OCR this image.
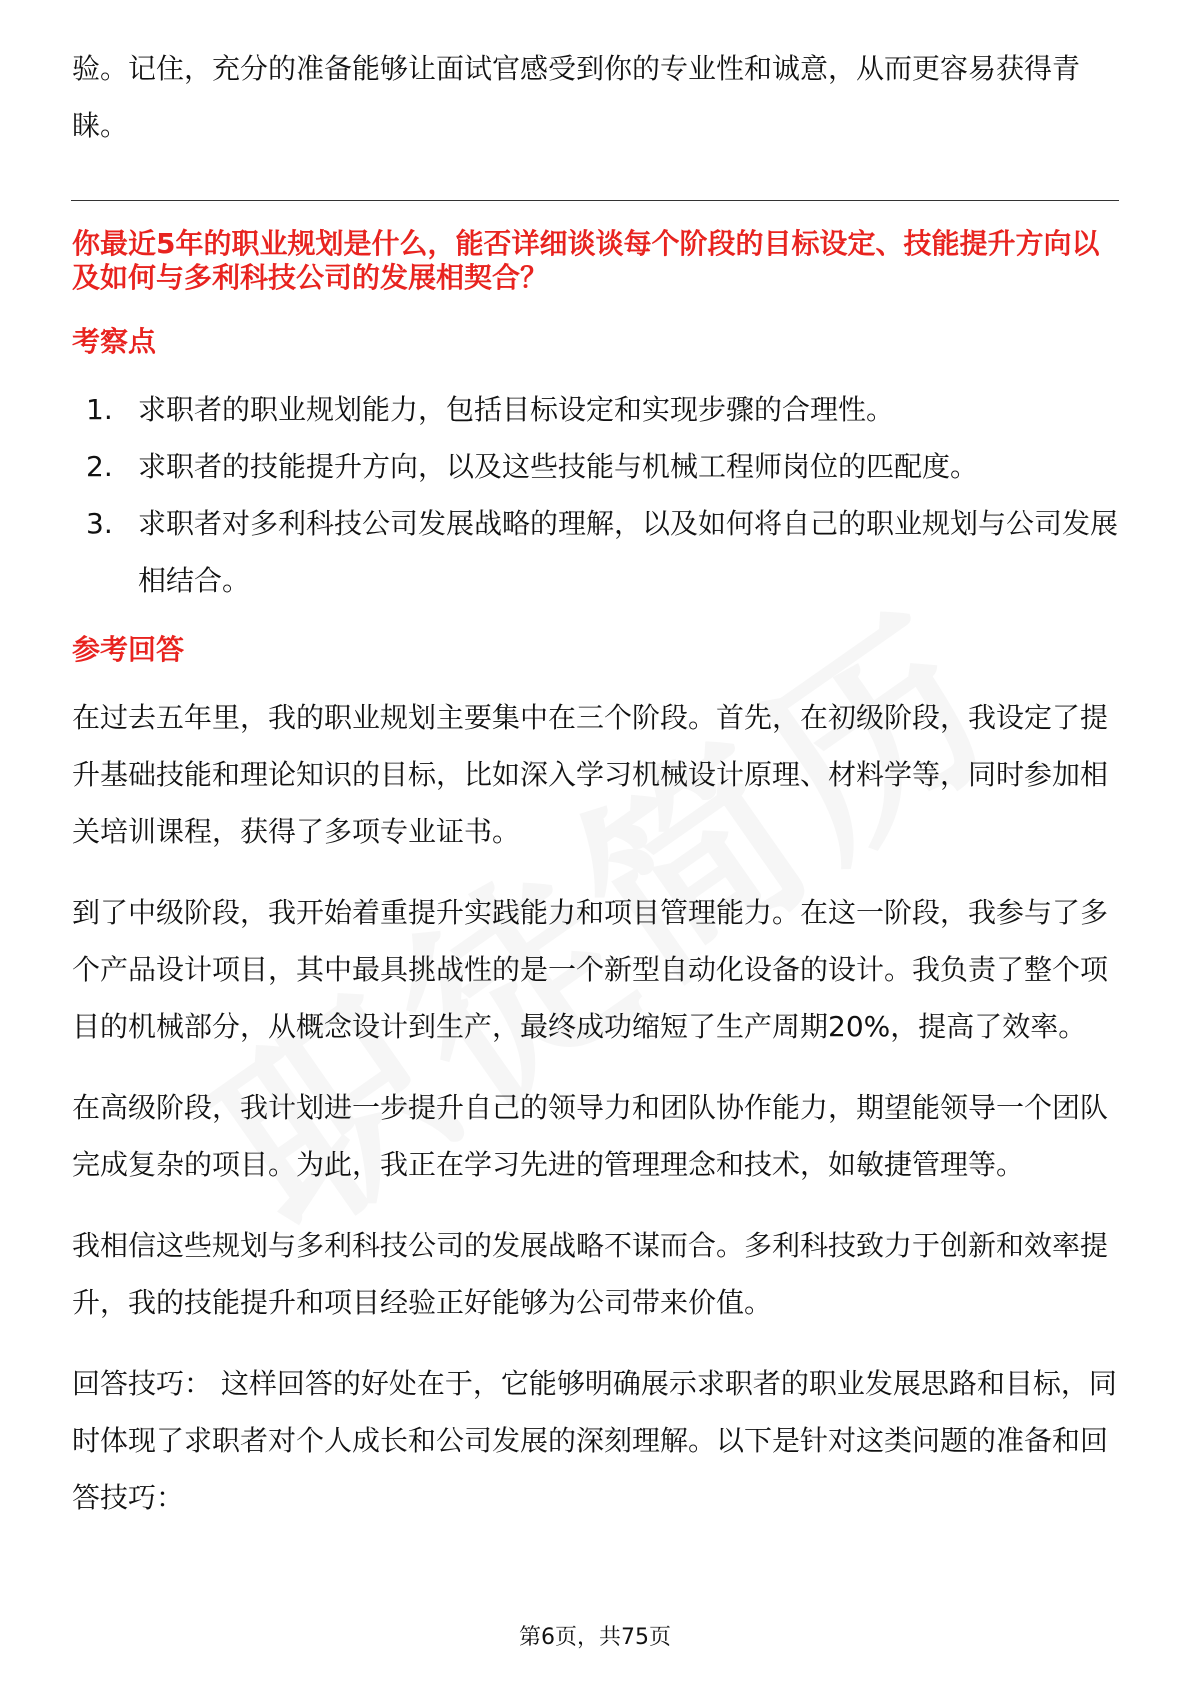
验。记住，充分的准备能够让面试官感受到你的专业性和诚意，从而更容易获得青睐。

你最近5年的职业规划是什么，能否详细谈谈每个阶段的目标设定、技能提升方向以及如何与多利科技公司的发展相契合？

考察点
1. 求职者的职业规划能力，包括目标设定和实现步骤的合理性。
2. 求职者的技能提升方向，以及这些技能与机械工程师岗位的匹配度。
3. 求职者对多利科技公司发展战略的理解，以及如何将自己的职业规划与公司发展相结合。
参考回答

在过去五年里，我的职业规划主要集中在三个阶段。首先，在初级阶段，我设定了提升基础技能和理论知识的目标，比如深入学习机械设计原理、材料学等，同时参加相关培训课程，获得了多项专业证书。

到了中级阶段，我开始着重提升实践能力和项目管理能力。在这一阶段，我参与了多个产品设计项目，其中最具挑战性的是一个新型自动化设备的设计。我负责了整个项目的机械部分，从概念设计到生产，最终成功缩短了生产周期20%，提高了效率。

在高级阶段，我计划进一步提升自己的领导力和团队协作能力，期望能领导一个团队完成复杂的项目。为此，我正在学习先进的管理理念和技术，如敏捷管理等。

我相信这些规划与多利科技公司的发展战略不谋而合。多利科技致力于创新和效率提升，我的技能提升和项目经验正好能够为公司带来价值。

回答技巧： 这样回答的好处在于，它能够明确展示求职者的职业发展思路和目标，同时体现了求职者对个人成长和公司发展的深刻理解。以下是针对这类问题的准备和回答技巧：

第6页，共75页
